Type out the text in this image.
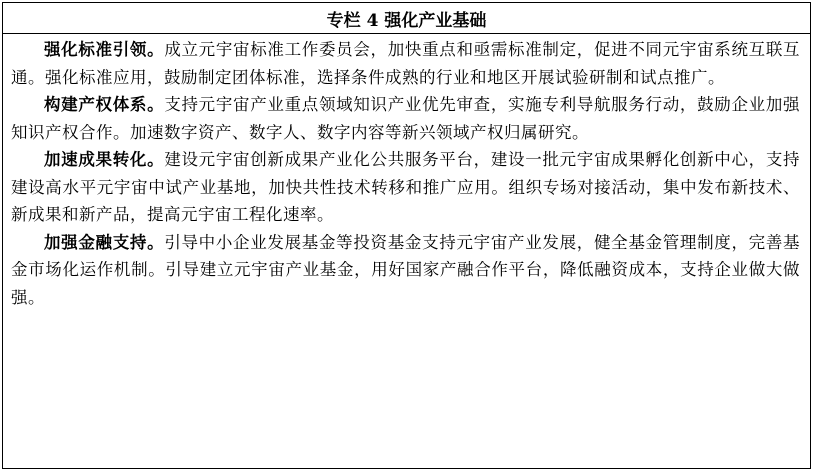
专栏 4 强化产业基础

强化标准引领。成立元宇宙标准工作委员会，加快重点和亟需标准制定，促进不同元宇宙系统互联互通。强化标准应用，鼓励制定团体标准，选择条件成熟的行业和地区开展试验研制和试点推广。

构建产权体系。支持元宇宙产业重点领域知识产业优先审查，实施专利导航服务行动，鼓励企业加强知识产权合作。加速数字资产、数字人、数字内容等新兴领域产权归属研究。

加速成果转化。建设元宇宙创新成果产业化公共服务平台，建设一批元宇宙成果孵化创新中心，支持建设高水平元宇宙中试产业基地，加快共性技术转移和推广应用。组织专场对接活动，集中发布新技术、新成果和新产品，提高元宇宙工程化速率。

加强金融支持。引导中小企业发展基金等投资基金支持元宇宙产业发展，健全基金管理制度，完善基金市场化运作机制。引导建立元宇宙产业基金，用好国家产融合作平台，降低融资成本，支持企业做大做强。
